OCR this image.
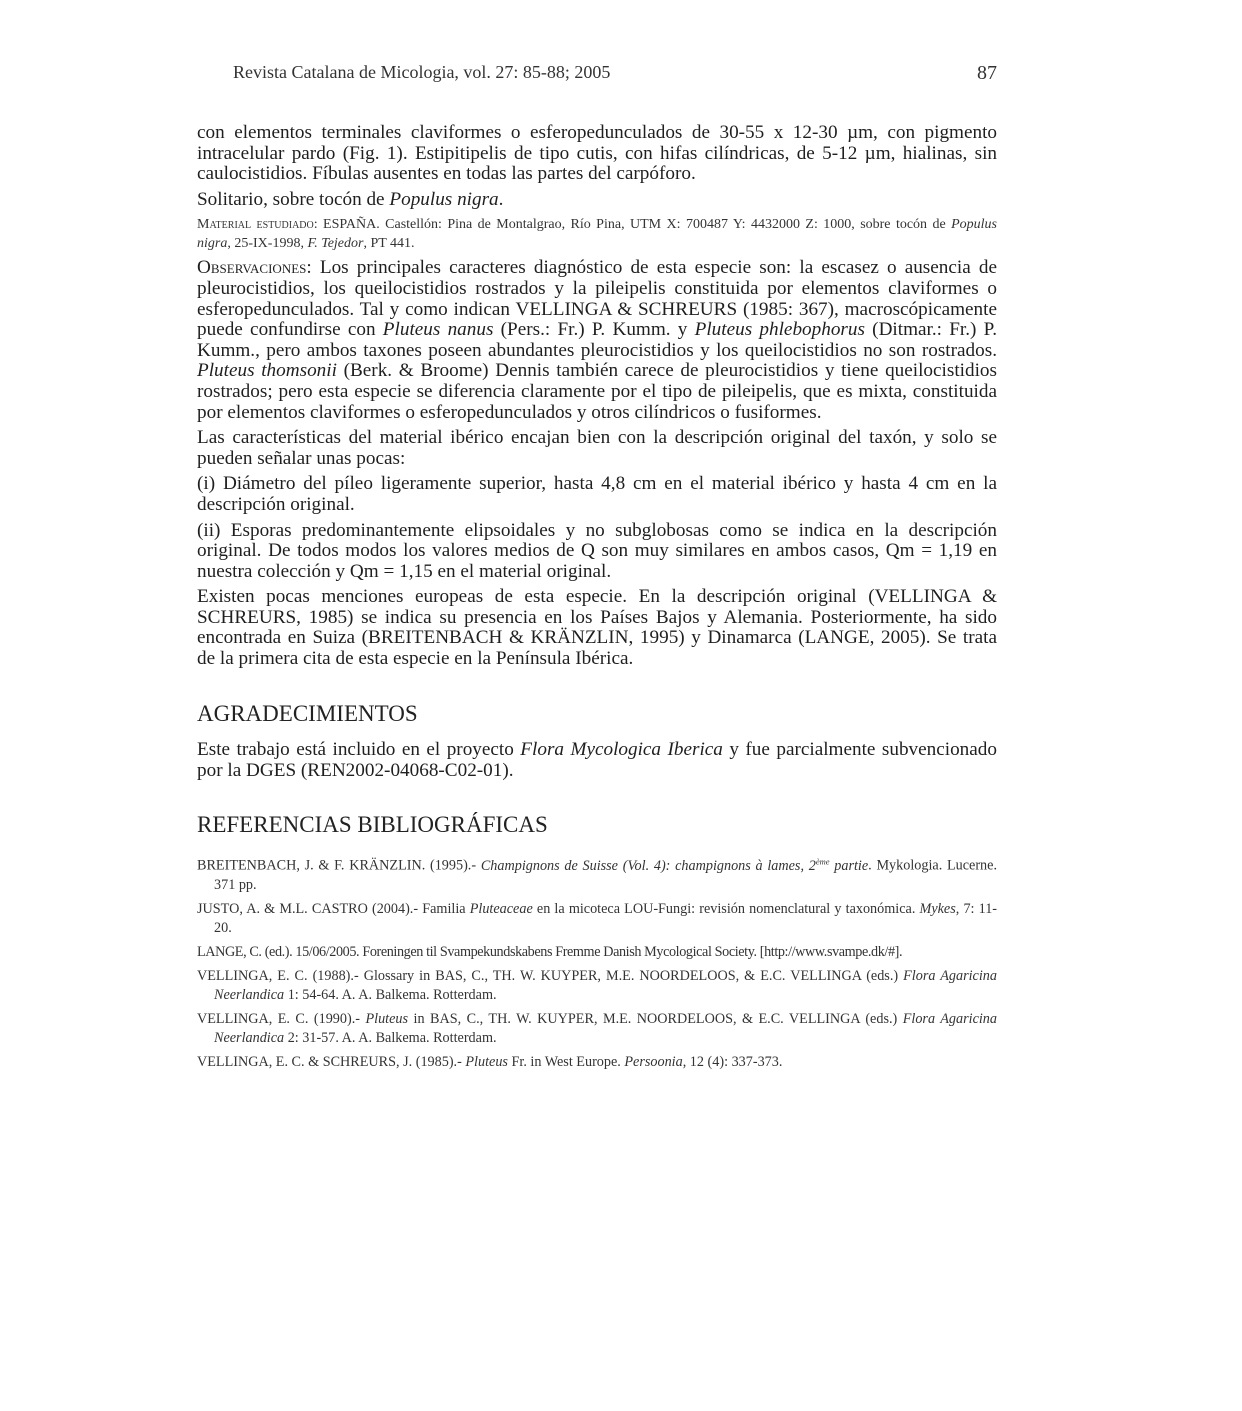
Revista Catalana de Micologia, vol. 27: 85-88; 2005	87

con elementos terminales claviformes o esferopedunculados de 30-55 x 12-30 µm, con pigmento intracelular pardo (Fig. 1). Estipitipelis de tipo cutis, con hifas cilíndricas, de 5-12 µm, hialinas, sin caulocistidios. Fíbulas ausentes en todas las partes del carpóforo.

Solitario, sobre tocón de Populus nigra.

Material estudiado: ESPAÑA. Castellón: Pina de Montalgrao, Río Pina, UTM X: 700487 Y: 4432000 Z: 1000, sobre tocón de Populus nigra, 25-IX-1998, F. Tejedor, PT 441.

Observaciones: Los principales caracteres diagnóstico de esta especie son: la escasez o ausencia de pleurocistidios, los queilocistidios rostrados y la pileipelis constituida por elementos claviformes o esferopedunculados. Tal y como indican VELLINGA & SCHREURS (1985: 367), macroscópicamente puede confundirse con Pluteus nanus (Pers.: Fr.) P. Kumm. y Pluteus phlebophorus (Ditmar.: Fr.) P. Kumm., pero ambos taxones poseen abundantes pleurocistidios y los queilocistidios no son rostrados. Pluteus thomsonii (Berk. & Broome) Dennis también carece de pleurocistidios y tiene queilocistidios rostrados; pero esta especie se diferencia claramente por el tipo de pileipelis, que es mixta, constituida por elementos claviformes o esferopedunculados y otros cilíndricos o fusiformes.

Las características del material ibérico encajan bien con la descripción original del taxón, y solo se pueden señalar unas pocas:

(i) Diámetro del píleo ligeramente superior, hasta 4,8 cm en el material ibérico y hasta 4 cm en la descripción original.

(ii) Esporas predominantemente elipsoidales y no subglobosas como se indica en la descripción original. De todos modos los valores medios de Q son muy similares en ambos casos, Qm = 1,19 en nuestra colección y Qm = 1,15 en el material original.

Existen pocas menciones europeas de esta especie. En la descripción original (VELLINGA & SCHREURS, 1985) se indica su presencia en los Países Bajos y Alemania. Posteriormente, ha sido encontrada en Suiza (BREITENBACH & KRÄNZLIN, 1995) y Dinamarca (LANGE, 2005). Se trata de la primera cita de esta especie en la Península Ibérica.

AGRADECIMIENTOS

Este trabajo está incluido en el proyecto Flora Mycologica Iberica y fue parcialmente subvencionado por la DGES (REN2002-04068-C02-01).

REFERENCIAS BIBLIOGRÁFICAS

BREITENBACH, J. & F. KRÄNZLIN. (1995).- Champignons de Suisse (Vol. 4): champignons à lames, 2ème partie. Mykologia. Lucerne. 371 pp.

JUSTO, A. & M.L. CASTRO (2004).- Familia Pluteaceae en la micoteca LOU-Fungi: revisión nomenclatural y taxonómica. Mykes, 7: 11-20.

LANGE, C. (ed.). 15/06/2005. Foreningen til Svampekundskabens Fremme Danish Mycological Society. [http://www.svampe.dk/#].

VELLINGA, E. C. (1988).- Glossary in BAS, C., TH. W. KUYPER, M.E. NOORDELOOS, & E.C. VELLINGA (eds.) Flora Agaricina Neerlandica 1: 54-64. A. A. Balkema. Rotterdam.

VELLINGA, E. C. (1990).- Pluteus in BAS, C., TH. W. KUYPER, M.E. NOORDELOOS, & E.C. VELLINGA (eds.) Flora Agaricina Neerlandica 2: 31-57. A. A. Balkema. Rotterdam.

VELLINGA, E. C. & SCHREURS, J. (1985).- Pluteus Fr. in West Europe. Persoonia, 12 (4): 337-373.
